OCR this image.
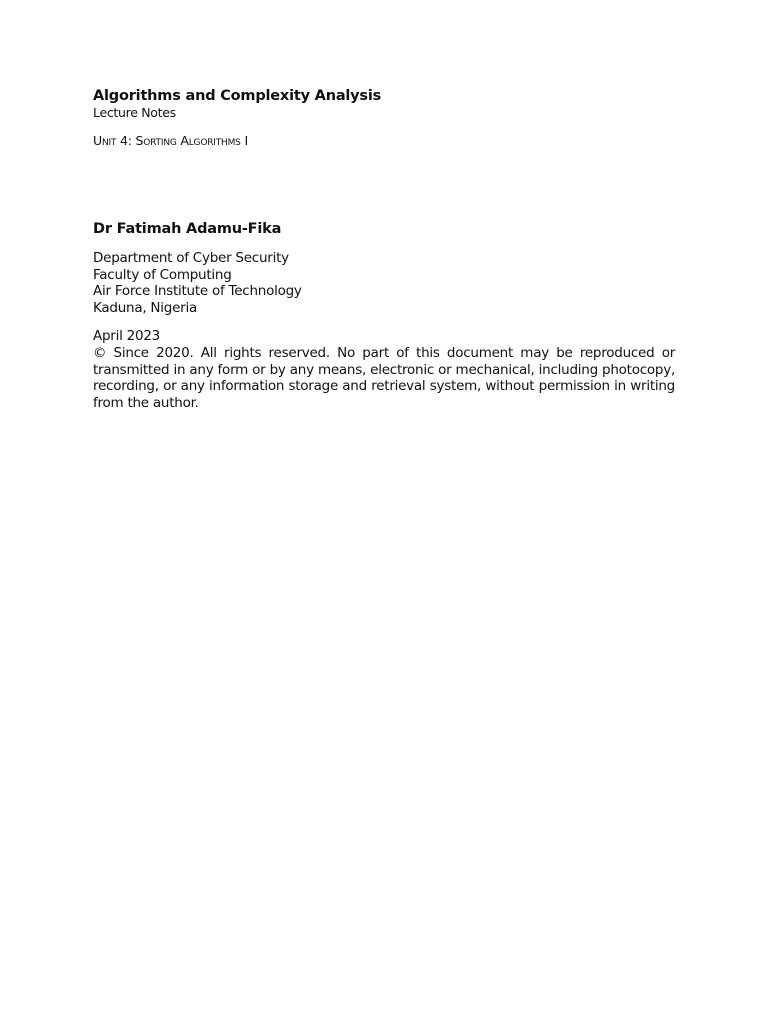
Algorithms and Complexity Analysis

Lecture Notes

Unit 4: Sorting Algorithms I

Dr Fatimah Adamu-Fika
Department of Cyber Security
Faculty of Computing
Air Force Institute of Technology
Kaduna, Nigeria

April 2023

© Since 2020. All rights reserved. No part of this document may be reproduced or transmitted in any form or by any means, electronic or mechanical, including photocopy, recording, or any information storage and retrieval system, without permission in writing from the author.
